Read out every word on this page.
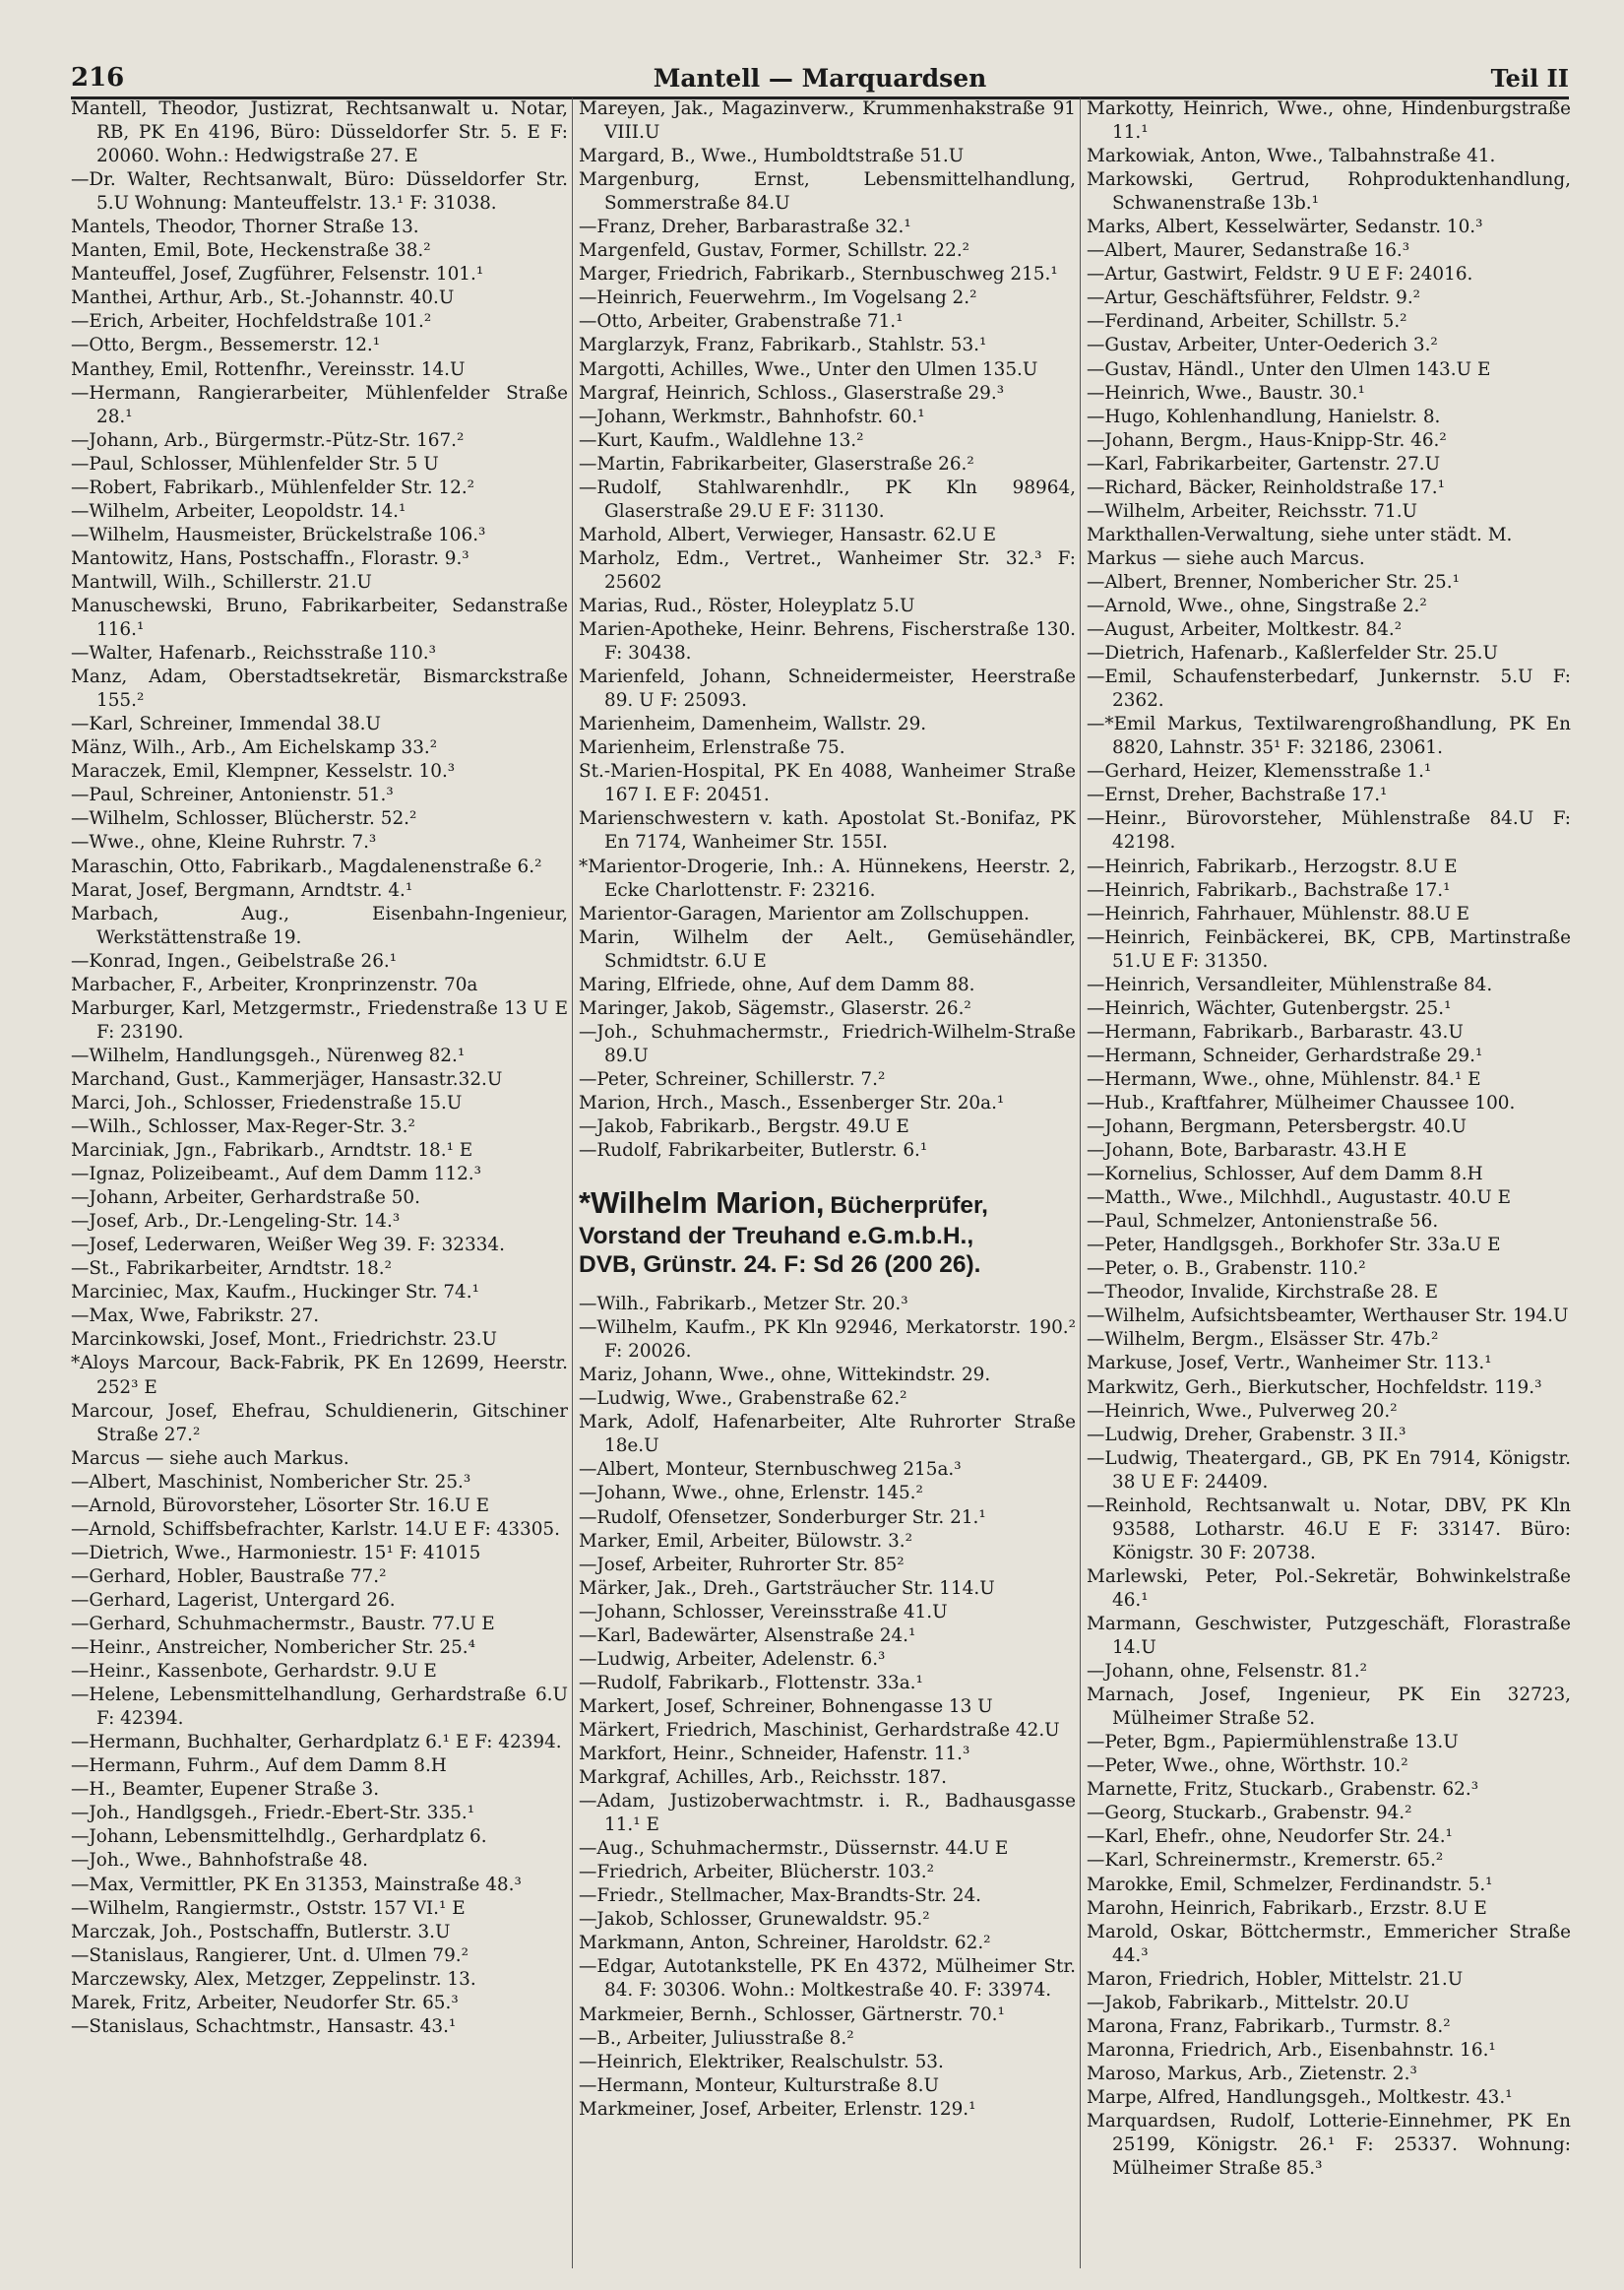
216	Mantell — Marquardsen	Teil II
Mantell, Theodor, Justizrat, Rechtsanwalt u. Notar, RB, PK En 4196, Büro: Düsseldorfer Str. 5. E F: 20060. Wohn.: Hedwigstraße 27. E
—Dr. Walter, Rechtsanwalt, Büro: Düsseldorfer Str. 5.U Wohnung: Manteuffelstr. 13.¹ F: 31038.
Mantels, Theodor, Thorner Straße 13.
Manten, Emil, Bote, Heckenstraße 38.²
Manteuffel, Josef, Zugführer, Felsenstr. 101.¹
Manthei, Arthur, Arb., St.-Johannstr. 40.U
—Erich, Arbeiter, Hochfeldstraße 101.²
—Otto, Bergm., Bessemerstr. 12.¹
Manthey, Emil, Rottenfhr., Vereinsstr. 14.U
—Hermann, Rangierarbeiter, Mühlenfelder Straße 28.¹
—Johann, Arb., Bürgermstr.-Pütz-Str. 167.²
—Paul, Schlosser, Mühlenfelder Str. 5 U
—Robert, Fabrikarb., Mühlenfelder Str. 12.²
—Wilhelm, Arbeiter, Leopoldstr. 14.¹
—Wilhelm, Hausmeister, Brückelstraße 106.³
Mantowitz, Hans, Postschaffn., Florastr. 9.³
Mantwill, Wilh., Schillerstr. 21.U
Manuschewski, Bruno, Fabrikarbeiter, Sedanstraße 116.¹
—Walter, Hafenarb., Reichsstraße 110.³
Manz, Adam, Oberstadtsekretär, Bismarckstraße 155.²
—Karl, Schreiner, Immendal 38.U
Mänz, Wilh., Arb., Am Eichelskamp 33.²
Maraczek, Emil, Klempner, Kesselstr. 10.³
—Paul, Schreiner, Antonienstr. 51.³
—Wilhelm, Schlosser, Blücherstr. 52.²
—Wwe., ohne, Kleine Ruhrstr. 7.³
Maraschin, Otto, Fabrikarb., Magdalenenstraße 6.²
Marat, Josef, Bergmann, Arndtstr. 4.¹
Marbach, Aug., Eisenbahn-Ingenieur, Werkstättenstraße 19.
—Konrad, Ingen., Geibelstraße 26.¹
Marbacher, F., Arbeiter, Kronprinzenstr. 70a
Marburger, Karl, Metzgermstr., Friedenstraße 13 U E F: 23190.
—Wilhelm, Handlungsgeh., Nürenweg 82.¹
Marchand, Gust., Kammerjäger, Hansastr.32.U
Marci, Joh., Schlosser, Friedenstraße 15.U
—Wilh., Schlosser, Max-Reger-Str. 3.²
Marciniak, Jgn., Fabrikarb., Arndtstr. 18.¹ E
—Ignaz, Polizeibeamt., Auf dem Damm 112.³
—Johann, Arbeiter, Gerhardstraße 50.
—Josef, Arb., Dr.-Lengeling-Str. 14.³
—Josef, Lederwaren, Weißer Weg 39. F: 32334.
—St., Fabrikarbeiter, Arndtstr. 18.²
Marciniec, Max, Kaufm., Huckinger Str. 74.¹
—Max, Wwe, Fabrikstr. 27.
Marcinkowski, Josef, Mont., Friedrichstr. 23.U
*Aloys Marcour, Back-Fabrik, PK En 12699, Heerstr. 252³ E
Marcour, Josef, Ehefrau, Schuldienerin, Gitschiner Straße 27.²
Marcus — siehe auch Markus.
—Albert, Maschinist, Nombericher Str. 25.³
—Arnold, Bürovorsteher, Lösorter Str. 16.U E
—Arnold, Schiffsbefrachter, Karlstr. 14.U E F: 43305.
—Dietrich, Wwe., Harmoniestr. 15¹ F: 41015
—Gerhard, Hobler, Baustraße 77.²
—Gerhard, Lagerist, Untergard 26.
—Gerhard, Schuhmachermstr., Baustr. 77.U E
—Heinr., Anstreicher, Nombericher Str. 25.⁴
—Heinr., Kassenbote, Gerhardstr. 9.U E
—Helene, Lebensmittelhandlung, Gerhardstraße 6.U F: 42394.
—Hermann, Buchhalter, Gerhardplatz 6.¹ E F: 42394.
—Hermann, Fuhrm., Auf dem Damm 8.H
—H., Beamter, Eupener Straße 3.
—Joh., Handlgsgeh., Friedr.-Ebert-Str. 335.¹
—Johann, Lebensmittelhdlg., Gerhardplatz 6.
—Joh., Wwe., Bahnhofstraße 48.
—Max, Vermittler, PK En 31353, Mainstraße 48.³
—Wilhelm, Rangiermstr., Oststr. 157 VI.¹ E
Marczak, Joh., Postschaffn, Butlerstr. 3.U
—Stanislaus, Rangierer, Unt. d. Ulmen 79.²
Marczewsky, Alex, Metzger, Zeppelinstr. 13.
Marek, Fritz, Arbeiter, Neudorfer Str. 65.³
—Stanislaus, Schachtmstr., Hansastr. 43.¹
Mareyen, Jak., Magazinverw., Krummenhakstraße 91 VIII.U
Margard, B., Wwe., Humboldtstraße 51.U
Margenburg, Ernst, Lebensmittelhandlung, Sommerstraße 84.U
—Franz, Dreher, Barbarastraße 32.¹
Margenfeld, Gustav, Former, Schillstr. 22.²
Marger, Friedrich, Fabrikarb., Sternbuschweg 215.¹
—Heinrich, Feuerwehrm., Im Vogelsang 2.²
—Otto, Arbeiter, Grabenstraße 71.¹
Marglarzyk, Franz, Fabrikarb., Stahlstr. 53.¹
Margotti, Achilles, Wwe., Unter den Ulmen 135.U
Margraf, Heinrich, Schloss., Glaserstraße 29.³
—Johann, Werkmstr., Bahnhofstr. 60.¹
—Kurt, Kaufm., Waldlehne 13.²
—Martin, Fabrikarbeiter, Glaserstraße 26.²
—Rudolf, Stahlwarenhdlr., PK Kln 98964, Glaserstraße 29.U E F: 31130.
Marhold, Albert, Verwieger, Hansastr. 62.U E
Marholz, Edm., Vertret., Wanheimer Str. 32.³ F: 25602
Marias, Rud., Röster, Holeyplatz 5.U
Marien-Apotheke, Heinr. Behrens, Fischerstraße 130. F: 30438.
Marienfeld, Johann, Schneidermeister, Heerstraße 89. U F: 25093.
Marienheim, Damenheim, Wallstr. 29.
Marienheim, Erlenstraße 75.
St.-Marien-Hospital, PK En 4088, Wanheimer Straße 167 I. E F: 20451.
Marienschwestern v. kath. Apostolat St.-Bonifaz, PK En 7174, Wanheimer Str. 155I.
*Marientor-Drogerie, Inh.: A. Hünnekens, Heerstr. 2, Ecke Charlottenstr. F: 23216.
Marientor-Garagen, Marientor am Zollschuppen.
Marin, Wilhelm der Aelt., Gemüsehändler, Schmidtstr. 6.U E
Maring, Elfriede, ohne, Auf dem Damm 88.
Maringer, Jakob, Sägemstr., Glaserstr. 26.²
—Joh., Schuhmachermstr., Friedrich-Wilhelm-Straße 89.U
—Peter, Schreiner, Schillerstr. 7.²
Marion, Hrch., Masch., Essenberger Str. 20a.¹
—Jakob, Fabrikarb., Bergstr. 49.U E
—Rudolf, Fabrikarbeiter, Butlerstr. 6.¹
*Wilhelm Marion, Bücherprüfer,
Vorstand der Treuhand e.G.m.b.H.,
DVB, Grünstr. 24. F: Sd 26 (200 26).
—Wilh., Fabrikarb., Metzer Str. 20.³
—Wilhelm, Kaufm., PK Kln 92946, Merkatorstr. 190.² F: 20026.
Mariz, Johann, Wwe., ohne, Wittekindstr. 29.
—Ludwig, Wwe., Grabenstraße 62.²
Mark, Adolf, Hafenarbeiter, Alte Ruhrorter Straße 18e.U
—Albert, Monteur, Sternbuschweg 215a.³
—Johann, Wwe., ohne, Erlenstr. 145.²
—Rudolf, Ofensetzer, Sonderburger Str. 21.¹
Marker, Emil, Arbeiter, Bülowstr. 3.²
—Josef, Arbeiter, Ruhrorter Str. 85²
Märker, Jak., Dreh., Gartsträucher Str. 114.U
—Johann, Schlosser, Vereinsstraße 41.U
—Karl, Badewärter, Alsenstraße 24.¹
—Ludwig, Arbeiter, Adelenstr. 6.³
—Rudolf, Fabrikarb., Flottenstr. 33a.¹
Markert, Josef, Schreiner, Bohnengasse 13 U
Märkert, Friedrich, Maschinist, Gerhardstraße 42.U
Markfort, Heinr., Schneider, Hafenstr. 11.³
Markgraf, Achilles, Arb., Reichsstr. 187.
—Adam, Justizoberwachtmstr. i. R., Badhausgasse 11.¹ E
—Aug., Schuhmachermstr., Düssernstr. 44.U E
—Friedrich, Arbeiter, Blücherstr. 103.²
—Friedr., Stellmacher, Max-Brandts-Str. 24.
—Jakob, Schlosser, Grunewaldstr. 95.²
Markmann, Anton, Schreiner, Haroldstr. 62.²
—Edgar, Autotankstelle, PK En 4372, Mülheimer Str. 84. F: 30306. Wohn.: Moltkestraße 40. F: 33974.
Markmeier, Bernh., Schlosser, Gärtnerstr. 70.¹
—B., Arbeiter, Juliusstraße 8.²
—Heinrich, Elektriker, Realschulstr. 53.
—Hermann, Monteur, Kulturstraße 8.U
Markmeiner, Josef, Arbeiter, Erlenstr. 129.¹
Markotty, Heinrich, Wwe., ohne, Hindenburgstraße 11.¹
Markowiak, Anton, Wwe., Talbahnstraße 41.
Markowski, Gertrud, Rohproduktenhandlung, Schwanenstraße 13b.¹
Marks, Albert, Kesselwärter, Sedanstr. 10.³
—Albert, Maurer, Sedanstraße 16.³
—Artur, Gastwirt, Feldstr. 9 U E F: 24016.
—Artur, Geschäftsführer, Feldstr. 9.²
—Ferdinand, Arbeiter, Schillstr. 5.²
—Gustav, Arbeiter, Unter-Oederich 3.²
—Gustav, Händl., Unter den Ulmen 143.U E
—Heinrich, Wwe., Baustr. 30.¹
—Hugo, Kohlenhandlung, Hanielstr. 8.
—Johann, Bergm., Haus-Knipp-Str. 46.²
—Karl, Fabrikarbeiter, Gartenstr. 27.U
—Richard, Bäcker, Reinholdstraße 17.¹
—Wilhelm, Arbeiter, Reichsstr. 71.U
Markthallen-Verwaltung, siehe unter städt. M.
Markus — siehe auch Marcus.
—Albert, Brenner, Nombericher Str. 25.¹
—Arnold, Wwe., ohne, Singstraße 2.²
—August, Arbeiter, Moltkestr. 84.²
—Dietrich, Hafenarb., Kaßlerfelder Str. 25.U
—Emil, Schaufensterbedarf, Junkernstr. 5.U F: 2362.
—*Emil Markus, Textilwarengroßhandlung, PK En 8820, Lahnstr. 35¹ F: 32186, 23061.
—Gerhard, Heizer, Klemensstraße 1.¹
—Ernst, Dreher, Bachstraße 17.¹
—Heinr., Bürovorsteher, Mühlenstraße 84.U F: 42198.
—Heinrich, Fabrikarb., Herzogstr. 8.U E
—Heinrich, Fabrikarb., Bachstraße 17.¹
—Heinrich, Fahrhauer, Mühlenstr. 88.U E
—Heinrich, Feinbäckerei, BK, CPB, Martinstraße 51.U E F: 31350.
—Heinrich, Versandleiter, Mühlenstraße 84.
—Heinrich, Wächter, Gutenbergstr. 25.¹
—Hermann, Fabrikarb., Barbarastr. 43.U
—Hermann, Schneider, Gerhardstraße 29.¹
—Hermann, Wwe., ohne, Mühlenstr. 84.¹ E
—Hub., Kraftfahrer, Mülheimer Chaussee 100.
—Johann, Bergmann, Petersbergstr. 40.U
—Johann, Bote, Barbarastr. 43.H E
—Kornelius, Schlosser, Auf dem Damm 8.H
—Matth., Wwe., Milchhdl., Augustastr. 40.U E
—Paul, Schmelzer, Antonienstraße 56.
—Peter, Handlgsgeh., Borkhofer Str. 33a.U E
—Peter, o. B., Grabenstr. 110.²
—Theodor, Invalide, Kirchstraße 28. E
—Wilhelm, Aufsichtsbeamter, Werthauser Str. 194.U
—Wilhelm, Bergm., Elsässer Str. 47b.²
Markuse, Josef, Vertr., Wanheimer Str. 113.¹
Markwitz, Gerh., Bierkutscher, Hochfeldstr. 119.³
—Heinrich, Wwe., Pulverweg 20.²
—Ludwig, Dreher, Grabenstr. 3 II.³
—Ludwig, Theatergard., GB, PK En 7914, Königstr. 38 U E F: 24409.
—Reinhold, Rechtsanwalt u. Notar, DBV, PK Kln 93588, Lotharstr. 46.U E F: 33147. Büro: Königstr. 30 F: 20738.
Marlewski, Peter, Pol.-Sekretär, Bohwinkelstraße 46.¹
Marmann, Geschwister, Putzgeschäft, Florastraße 14.U
—Johann, ohne, Felsenstr. 81.²
Marnach, Josef, Ingenieur, PK Ein 32723, Mülheimer Straße 52.
—Peter, Bgm., Papiermühlenstraße 13.U
—Peter, Wwe., ohne, Wörthstr. 10.²
Marnette, Fritz, Stuckarb., Grabenstr. 62.³
—Georg, Stuckarb., Grabenstr. 94.²
—Karl, Ehefr., ohne, Neudorfer Str. 24.¹
—Karl, Schreinermstr., Kremerstr. 65.²
Marokke, Emil, Schmelzer, Ferdinandstr. 5.¹
Marohn, Heinrich, Fabrikarb., Erzstr. 8.U E
Marold, Oskar, Böttchermstr., Emmericher Straße 44.³
Maron, Friedrich, Hobler, Mittelstr. 21.U
—Jakob, Fabrikarb., Mittelstr. 20.U
Marona, Franz, Fabrikarb., Turmstr. 8.²
Maronna, Friedrich, Arb., Eisenbahnstr. 16.¹
Maroso, Markus, Arb., Zietenstr. 2.³
Marpe, Alfred, Handlungsgeh., Moltkestr. 43.¹
Marquardsen, Rudolf, Lotterie-Einnehmer, PK En 25199, Königstr. 26.¹ F: 25337. Wohnung: Mülheimer Straße 85.³
